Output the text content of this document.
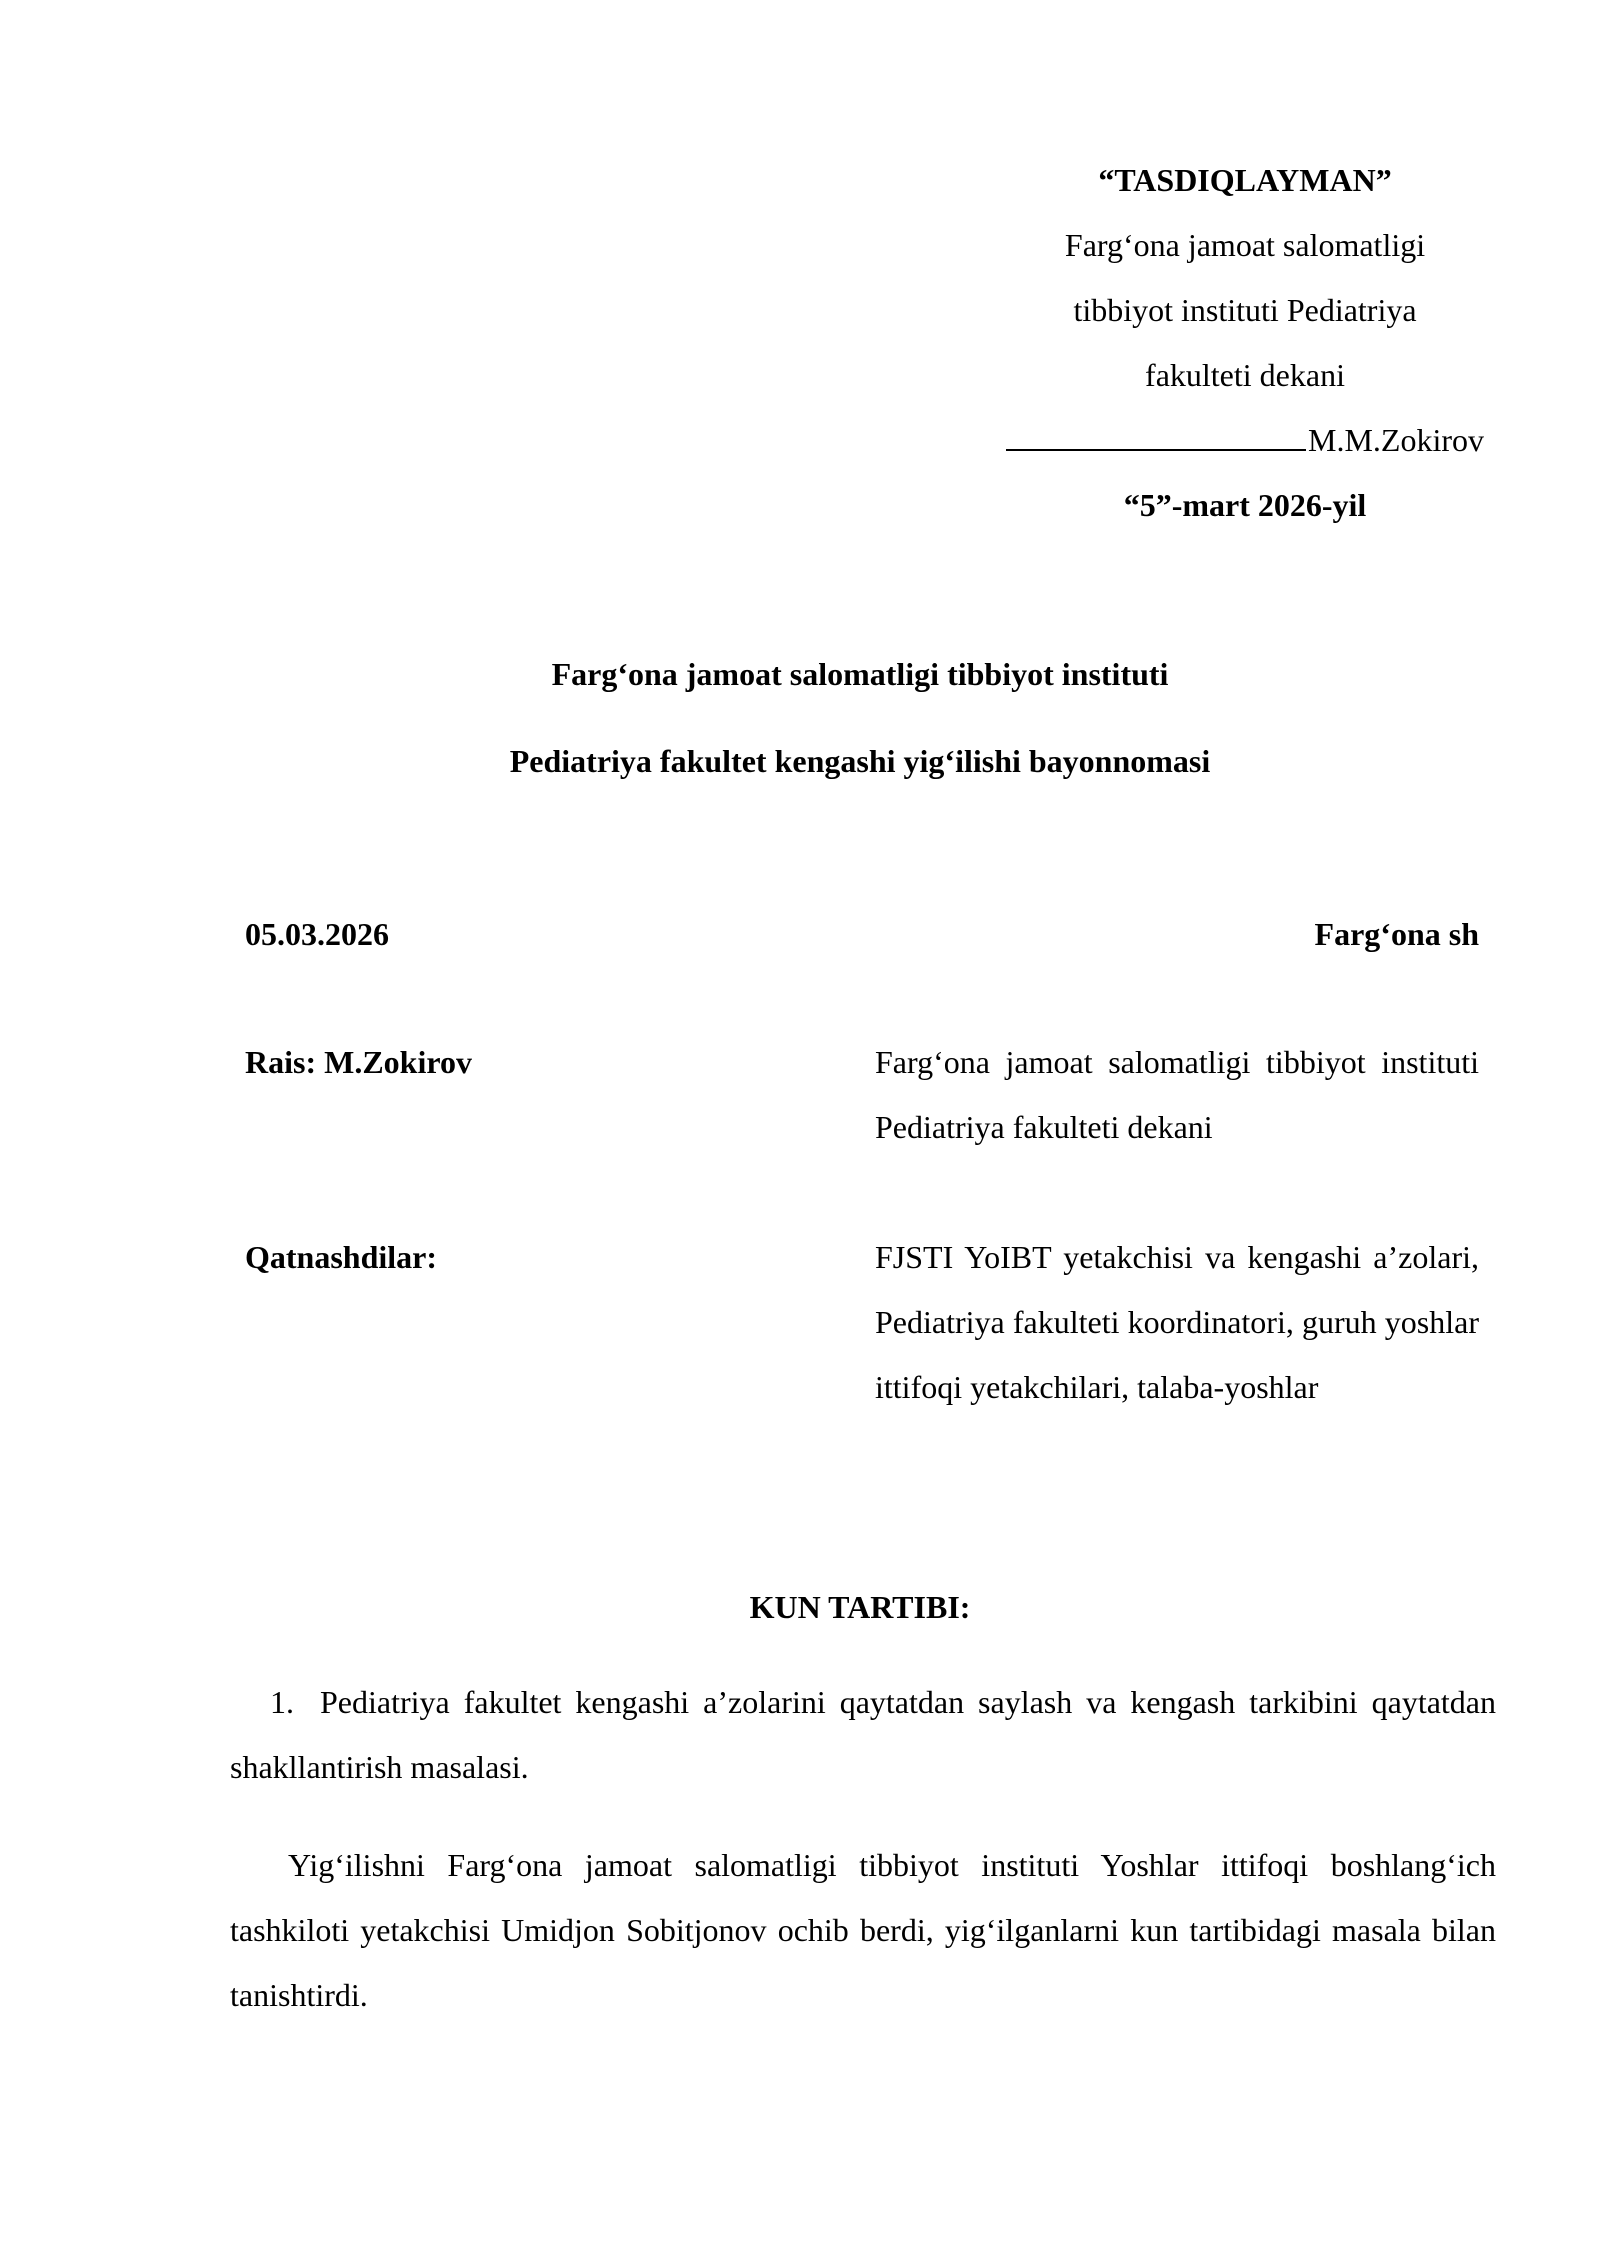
“TASDIQLAYMAN”
Farg‘ona jamoat salomatligi
tibbiyot instituti Pediatriya
fakulteti dekani
M.M.Zokirov
“5”-mart 2026-yil
Farg‘ona jamoat salomatligi tibbiyot instituti
Pediatriya fakultet kengashi yig‘ilishi bayonnomasi
05.03.2026	Farg‘ona sh
Rais: M.Zokirov	Farg‘ona jamoat salomatligi tibbiyot instituti Pediatriya fakulteti dekani
Qatnashdilar:	FJSTI YoIBT yetakchisi va kengashi a’zolari, Pediatriya fakulteti koordinatori, guruh yoshlar ittifoqi yetakchilari, talaba-yoshlar
KUN TARTIBI:
1. Pediatriya fakultet kengashi a’zolarini qaytatdan saylash va kengash tarkibini qaytatdan shakllantirish masalasi.
Yig‘ilishni Farg‘ona jamoat salomatligi tibbiyot instituti Yoshlar ittifoqi boshlang‘ich tashkiloti yetakchisi Umidjon Sobitjonov ochib berdi, yig‘ilganlarni kun tartibidagi masala bilan tanishtirdi.
